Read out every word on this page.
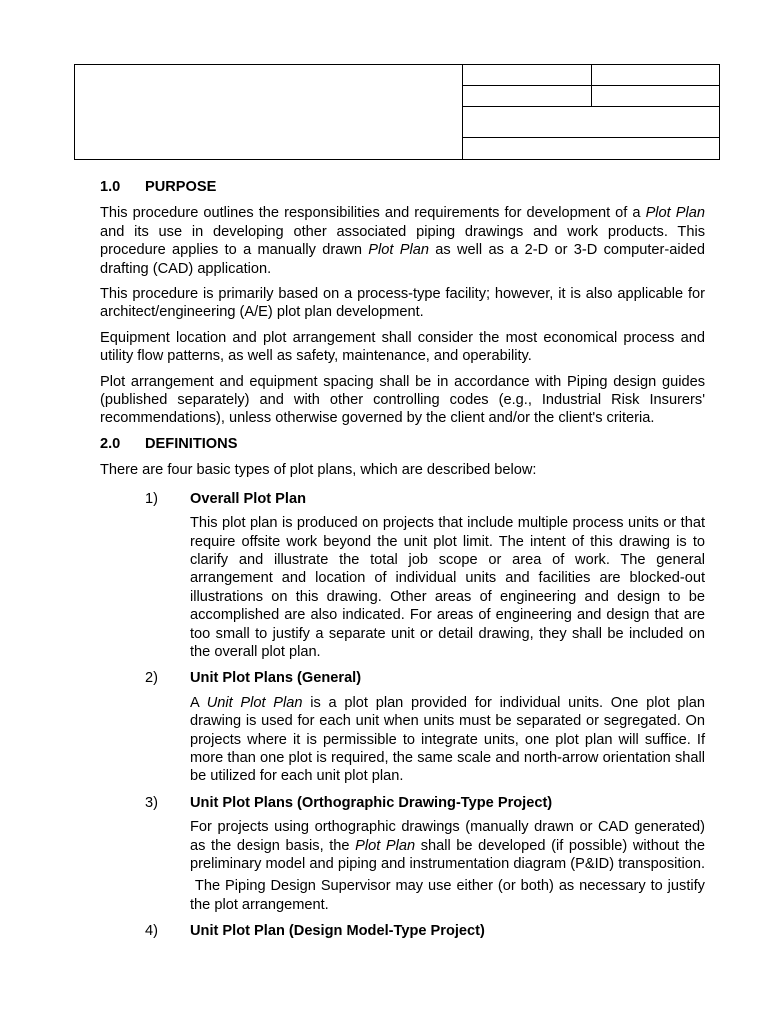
1.0	PURPOSE

This procedure outlines the responsibilities and requirements for development of a Plot Plan and its use in developing other associated piping drawings and work products. This procedure applies to a manually drawn Plot Plan as well as a 2-D or 3-D computer-aided drafting (CAD) application.

This procedure is primarily based on a process-type facility; however, it is also applicable for architect/engineering (A/E) plot plan development.

Equipment location and plot arrangement shall consider the most economical process and utility flow patterns, as well as safety, maintenance, and operability.

Plot arrangement and equipment spacing shall be in accordance with Piping design guides (published separately) and with other controlling codes (e.g., Industrial Risk Insurers' recommendations), unless otherwise governed by the client and/or the client's criteria.

2.0	DEFINITIONS

There are four basic types of plot plans, which are described below:

1) Overall Plot Plan

This plot plan is produced on projects that include multiple process units or that require offsite work beyond the unit plot limit. The intent of this drawing is to clarify and illustrate the total job scope or area of work. The general arrangement and location of individual units and facilities are blocked-out illustrations on this drawing. Other areas of engineering and design to be accomplished are also indicated. For areas of engineering and design that are too small to justify a separate unit or detail drawing, they shall be included on the overall plot plan.

2) Unit Plot Plans (General)

A Unit Plot Plan is a plot plan provided for individual units. One plot plan drawing is used for each unit when units must be separated or segregated. On projects where it is permissible to integrate units, one plot plan will suffice. If more than one plot is required, the same scale and north-arrow orientation shall be utilized for each unit plot plan.

3) Unit Plot Plans (Orthographic Drawing-Type Project)

For projects using orthographic drawings (manually drawn or CAD generated) as the design basis, the Plot Plan shall be developed (if possible) without the preliminary model and piping and instrumentation diagram (P&ID) transposition.

The Piping Design Supervisor may use either (or both) as necessary to justify the plot arrangement.

4) Unit Plot Plan (Design Model-Type Project)
